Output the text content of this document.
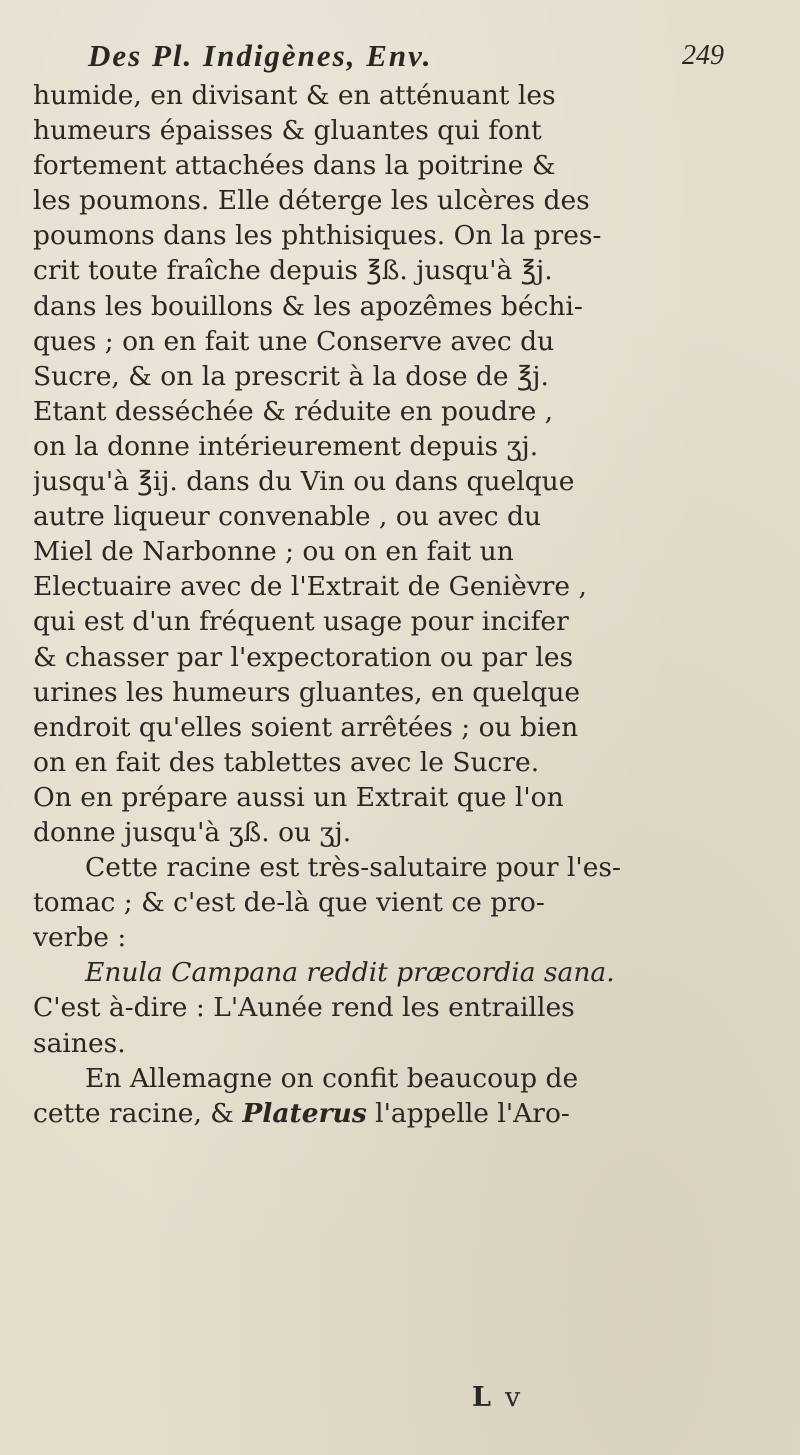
Des Pl. Indigènes, Env.	249
humide, en divisant & en atténuant les
humeurs épaisses & gluantes qui font
fortement attachées dans la poitrine &
les poumons. Elle déterge les ulcères des
poumons dans les phthisiques. On la pres-
crit toute fraîche depuis ℥ß. jusqu'à ℥j.
dans les bouillons & les apozêmes béchi-
ques ; on en fait une Conserve avec du
Sucre, & on la prescrit à la dose de ℥j.
Etant desséchée & réduite en poudre ,
on la donne intérieurement depuis ʒj.
jusqu'à ℥ij. dans du Vin ou dans quelque
autre liqueur convenable , ou avec du
Miel de Narbonne ; ou on en fait un
Electuaire avec de l'Extrait de Genièvre ,
qui est d'un fréquent usage pour incifer
& chasser par l'expectoration ou par les
urines les humeurs gluantes, en quelque
endroit qu'elles soient arrêtées ; ou bien
on en fait des tablettes avec le Sucre.
On en prépare aussi un Extrait que l'on
donne jusqu'à ʒß. ou ʒj.
Cette racine est très-salutaire pour l'es-
tomac ; & c'est de-là que vient ce pro-
verbe :
Enula Campana reddit præcordia sana.
C'est à-dire : L'Aunée rend les entrailles
saines.
En Allemagne on confit beaucoup de
cette racine, & Platerus l'appelle l'Aro-
Lv
